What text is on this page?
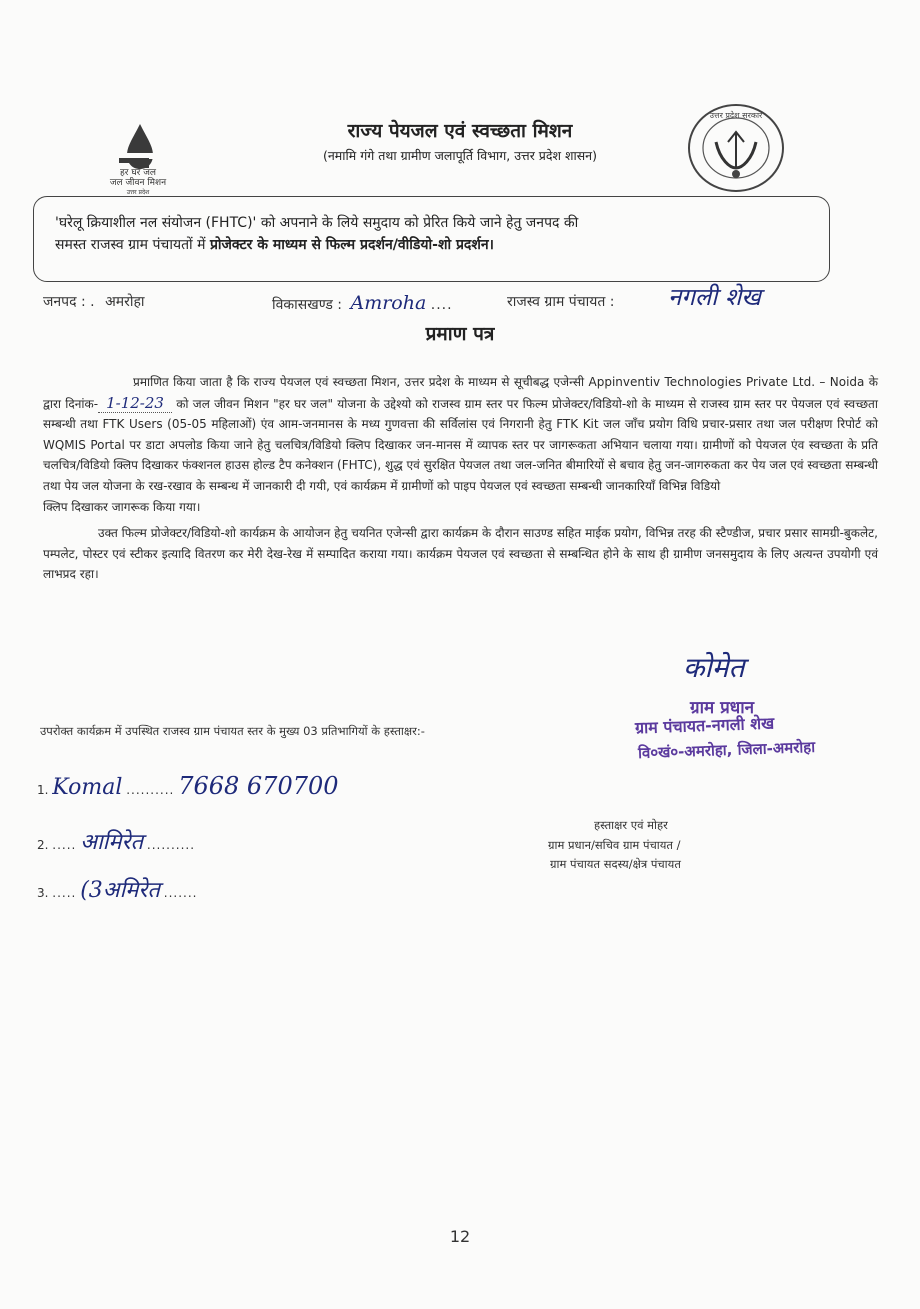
हर घर जल
जल जीवन मिशन
उत्तर प्रदेश
उत्तर प्रदेश सरकार
राज्य पेयजल एवं स्वच्छता मिशन
(नमामि गंगे तथा ग्रामीण जलापूर्ति विभाग, उत्तर प्रदेश शासन)
'घरेलू क्रियाशील नल संयोजन (FHTC)' को अपनाने के लिये समुदाय को प्रेरित किये जाने हेतु जनपद की
समस्त राजस्व ग्राम पंचायतों में प्रोजेक्टर के माध्यम से फिल्म प्रदर्शन/वीडियो-शो प्रदर्शन।
जनपद : . अमरोहा	विकासखण्ड : Amroha ....	राजस्व ग्राम पंचायत : नगली शेख
प्रमाण पत्र

प्रमाणित किया जाता है कि राज्य पेयजल एवं स्वच्छता मिशन, उत्तर प्रदेश के माध्यम से सूचीबद्ध एजेन्सी Appinventiv Technologies Private Ltd. – Noida के द्वारा दिनांक- 1-12-23 को जल जीवन मिशन "हर घर जल" योजना के उद्देश्यो को राजस्व ग्राम स्तर पर फिल्म प्रोजेक्टर/विडियो-शो के माध्यम से राजस्व ग्राम स्तर पर पेयजल एवं स्वच्छता सम्बन्धी तथा FTK Users (05-05 महिलाओं) एंव आम-जनमानस के मध्य गुणवत्ता की सर्विलांस एवं निगरानी हेतु FTK Kit जल जाँच प्रयोग विधि प्रचार-प्रसार तथा जल परीक्षण रिपोर्ट को WQMIS Portal पर डाटा अपलोड किया जाने हेतु चलचित्र/विडियो क्लिप दिखाकर जन-मानस में व्यापक स्तर पर जागरूकता अभियान चलाया गया। ग्रामीणों को पेयजल एंव स्वच्छता के प्रति चलचित्र/विडियो क्लिप दिखाकर फंक्शनल हाउस होल्ड टैप कनेक्शन (FHTC), शुद्ध एवं सुरक्षित पेयजल तथा जल-जनित बीमारियों से बचाव हेतु जन-जागरुकता कर पेय जल एवं स्वच्छता सम्बन्धी तथा पेय जल योजना के रख-रखाव के सम्बन्ध में जानकारी दी गयी, एवं कार्यक्रम में ग्रामीणों को पाइप पेयजल एवं स्वच्छता सम्बन्धी जानकारियाँ विभिन्न विडियो

क्लिप दिखाकर जागरूक किया गया।

उक्त फिल्म प्रोजेक्टर/विडियो-शो कार्यक्रम के आयोजन हेतु चयनित एजेन्सी द्वारा कार्यक्रम के दौरान साउण्ड सहित माईक प्रयोग, विभिन्न तरह की स्टैण्डीज, प्रचार प्रसार सामग्री-बुकलेट, पम्पलेट, पोस्टर एवं स्टीकर इत्यादि वितरण कर मेरी देख-रेख में सम्पादित कराया गया। कार्यक्रम पेयजल एवं स्वच्छता से सम्बन्धित होने के साथ ही ग्रामीण जनसमुदाय के लिए अत्यन्त उपयोगी एवं लाभप्रद रहा।

कोमेत
ग्राम प्रधान
ग्राम पंचायत-नगली शेख
वि०खं०-अमरोहा, जिला-अमरोहा
उपरोक्त कार्यक्रम में उपस्थित राजस्व ग्राम पंचायत स्तर के मुख्य 03 प्रतिभागियों के हस्ताक्षर:-
1. Komal .......... 7668 670700
2. ..... आमिरेत ..........
3. ..... (3अमिरेत .......
हस्ताक्षर एवं मोहर
ग्राम प्रधान/सचिव ग्राम पंचायत /
ग्राम पंचायत सदस्य/क्षेत्र पंचायत
12
